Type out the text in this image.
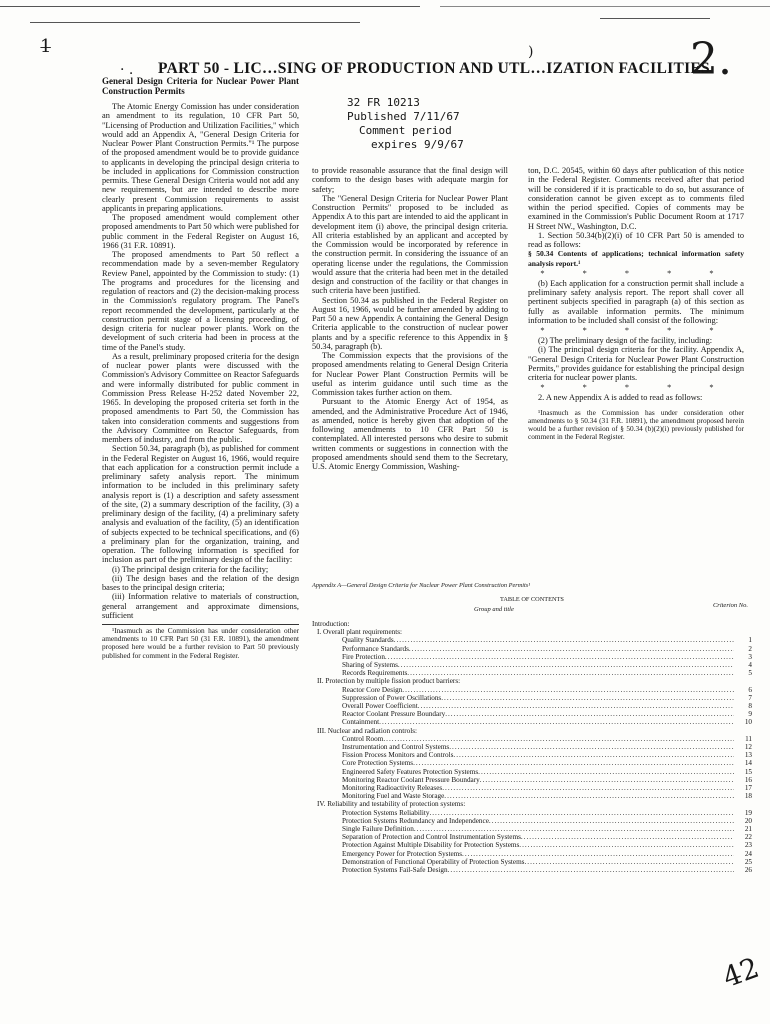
2.
42
1̶	)
· . PART 50 - LIC…SING OF PRODUCTION AND UTL…IZATION FACILITIES
32 FR 10213
Published 7/11/67
Comment period
expires 9/9/67

General Design Criteria for Nuclear Power Plant Construction Permits

The Atomic Energy Comission has under consideration an amendment to its regulation, 10 CFR Part 50, "Licensing of Production and Utilization Facilities," which would add an Appendix A, "General Design Criteria for Nuclear Power Plant Construction Permits."¹ The purpose of the proposed amendment would be to provide guidance to applicants in developing the principal design criteria to be included in applications for Commission construction permits. These General Design Criteria would not add any new requirements, but are intended to describe more clearly present Commission requirements to assist applicants in preparing applications.

The proposed amendment would complement other proposed amendments to Part 50 which were published for public comment in the Federal Register on August 16, 1966 (31 F.R. 10891).

The proposed amendments to Part 50 reflect a recommendation made by a seven-member Regulatory Review Panel, appointed by the Commission to study: (1) The programs and procedures for the licensing and regulation of reactors and (2) the decision-making process in the Commission's regulatory program. The Panel's report recommended the development, particularly at the construction permit stage of a licensing proceeding, of design criteria for nuclear power plants. Work on the development of such criteria had been in process at the time of the Panel's study.

As a result, preliminary proposed criteria for the design of nuclear power plants were discussed with the Commission's Advisory Committee on Reactor Safeguards and were informally distributed for public comment in Commission Press Release H-252 dated November 22, 1965. In developing the proposed criteria set forth in the proposed amendments to Part 50, the Commission has taken into consideration comments and suggestions from the Advisory Committee on Reactor Safeguards, from members of industry, and from the public.

Section 50.34, paragraph (b), as published for comment in the Federal Register on August 16, 1966, would require that each application for a construction permit include a preliminary safety analysis report. The minimum information to be included in this preliminary safety analysis report is (1) a description and safety assessment of the site, (2) a summary description of the facility, (3) a preliminary design of the facility, (4) a preliminary safety analysis and evaluation of the facility, (5) an identification of subjects expected to be technical specifications, and (6) a preliminary plan for the organization, training, and operation. The following information is specified for inclusion as part of the preliminary design of the facility:

(i) The principal design criteria for the facility;

(ii) The design bases and the relation of the design bases to the principal design criteria;

(iii) Information relative to materials of construction, general arrangement and approximate dimensions, sufficient

¹Inasmuch as the Commission has under consideration other amendments to 10 CFR Part 50 (31 F.R. 10891), the amendment proposed here would be a further revision to Part 50 previously published for comment in the Federal Register.

to provide reasonable assurance that the final design will conform to the design bases with adequate margin for safety;

The "General Design Criteria for Nuclear Power Plant Construction Permits" proposed to be included as Appendix A to this part are intended to aid the applicant in development item (i) above, the principal design criteria. All criteria established by an applicant and accepted by the Commission would be incorporated by reference in the construction permit. In considering the issuance of an operating license under the regulations, the Commission would assure that the criteria had been met in the detailed design and construction of the facility or that changes in such criteria have been justified.

Section 50.34 as published in the Federal Register on August 16, 1966, would be further amended by adding to Part 50 a new Appendix A containing the General Design Criteria applicable to the construction of nuclear power plants and by a specific reference to this Appendix in § 50.34, paragraph (b).

The Commission expects that the provisions of the proposed amendments relating to General Design Criteria for Nuclear Power Plant Construction Permits will be useful as interim guidance until such time as the Commission takes further action on them.

Pursuant to the Atomic Energy Act of 1954, as amended, and the Administrative Procedure Act of 1946, as amended, notice is hereby given that adoption of the following amendments to 10 CFR Part 50 is contemplated. All interested persons who desire to submit written comments or suggestions in connection with the proposed amendments should send them to the Secretary, U.S. Atomic Energy Commission, Washing-

ton, D.C. 20545, within 60 days after publication of this notice in the Federal Register. Comments received after that period will be considered if it is practicable to do so, but assurance of consideration cannot be given except as to comments filed within the period specified. Copies of comments may be examined in the Commission's Public Document Room at 1717 H Street NW., Washington, D.C.

1. Section 50.34(b)(2)(i) of 10 CFR Part 50 is amended to read as follows:

§ 50.34 Contents of applications; technical information safety analysis report.¹

* * * * *

(b) Each application for a construction permit shall include a preliminary safety analysis report. The report shall cover all pertinent subjects specified in paragraph (a) of this section as fully as available information permits. The minimum information to be included shall consist of the following:

* * * * *

(2) The preliminary design of the facility, including:

(i) The principal design criteria for the facility. Appendix A, "General Design Criteria for Nuclear Power Plant Construction Permits," provides guidance for establishing the principal design criteria for nuclear power plants.

* * * * *

2. A new Appendix A is added to read as follows:

¹Inasmuch as the Commission has under consideration other amendments to § 50.34 (31 F.R. 10891), the amendment proposed herein would be a further revision of § 50.34 (b)(2)(i) previously published for comment in the Federal Register.

Appendix A—General Design Criteria for Nuclear Power Plant Construction Permits¹
TABLE OF CONTENTS
Group and title
Criterion No.
Introduction:
I. Overall plant requirements:
Quality Standards .....	1
Performance Standards .....	2
Fire Protection .....	3
Sharing of Systems .....	4
Records Requirements .....	5
II. Protection by multiple fission product barriers:
Reactor Core Design .....	6
Suppression of Power Oscillations .....	7
Overall Power Coefficient .....	8
Reactor Coolant Pressure Boundary .....	9
Containment .....	10
III. Nuclear and radiation controls:
Control Room .....	11
Instrumentation and Control Systems .....	12
Fission Process Monitors and Controls .....	13
Core Protection Systems .....	14
Engineered Safety Features Protection Systems .....	15
Monitoring Reactor Coolant Pressure Boundary .....	16
Monitoring Radioactivity Releases .....	17
Monitoring Fuel and Waste Storage .....	18
IV. Reliability and testability of protection systems:
Protection Systems Reliability .....	19
Protection Systems Redundancy and Independence .....	20
Single Failure Definition .....	21
Separation of Protection and Control Instrumentation Systems .....	22
Protection Against Multiple Disability for Protection Systems .....	23
Emergency Power for Protection Systems .....	24
Demonstration of Functional Operability of Protection Systems .....	25
Protection Systems Fail-Safe Design .....	26
